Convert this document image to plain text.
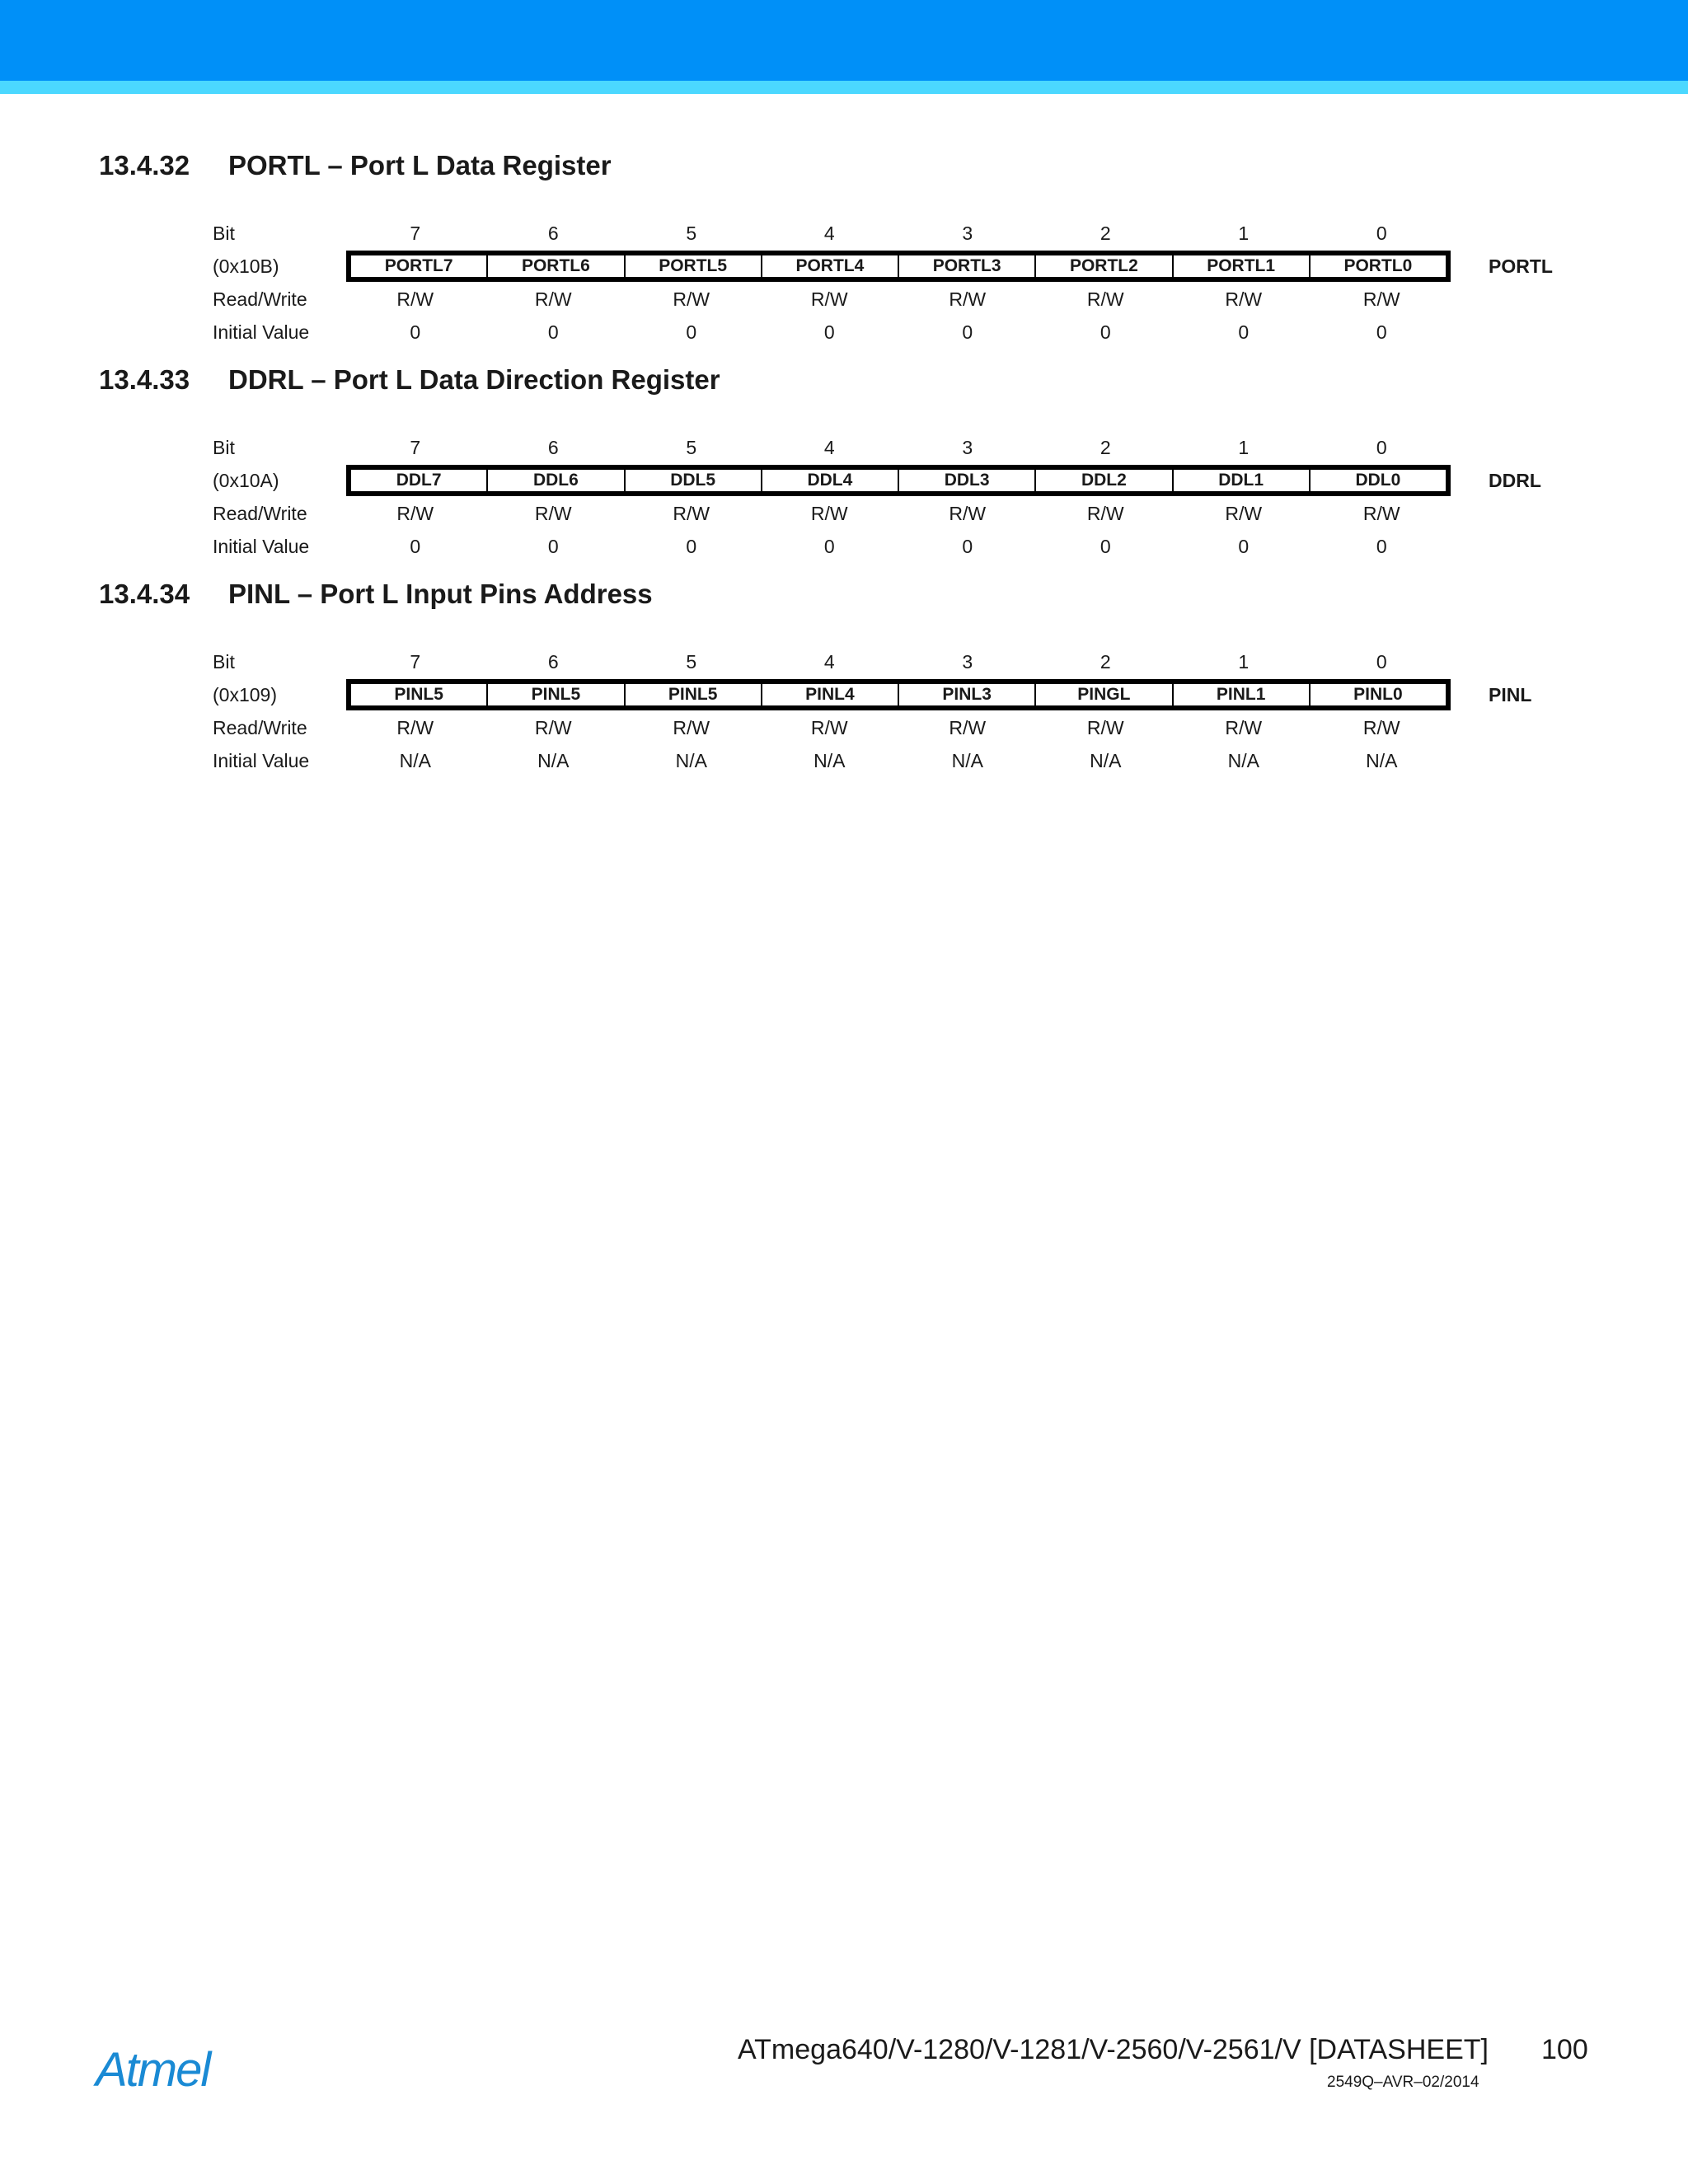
13.4.32 PORTL – Port L Data Register
Bit	7	6	5	4	3	2	1	0
(0x10B)	PORTL7	PORTL6	PORTL5	PORTL4	PORTL3	PORTL2	PORTL1	PORTL0	PORTL
Read/Write	R/W	R/W	R/W	R/W	R/W	R/W	R/W	R/W
Initial Value	0	0	0	0	0	0	0	0
13.4.33 DDRL – Port L Data Direction Register
Bit	7	6	5	4	3	2	1	0
(0x10A)	DDL7	DDL6	DDL5	DDL4	DDL3	DDL2	DDL1	DDL0	DDRL
Read/Write	R/W	R/W	R/W	R/W	R/W	R/W	R/W	R/W
Initial Value	0	0	0	0	0	0	0	0
13.4.34 PINL – Port L Input Pins Address
Bit	7	6	5	4	3	2	1	0
(0x109)	PINL5	PINL5	PINL5	PINL4	PINL3	PINGL	PINL1	PINL0	PINL
Read/Write	R/W	R/W	R/W	R/W	R/W	R/W	R/W	R/W
Initial Value	N/A	N/A	N/A	N/A	N/A	N/A	N/A	N/A
Atmel	ATmega640/V-1280/V-1281/V-2560/V-2561/V [DATASHEET] 100
2549Q–AVR–02/2014
